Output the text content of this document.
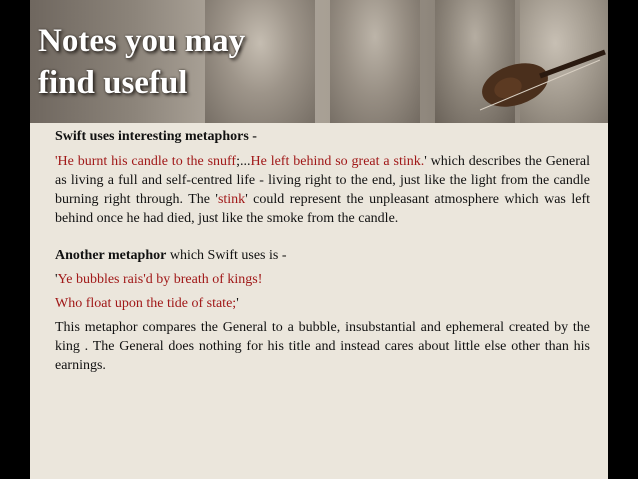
Notes you may
find useful

Swift uses interesting metaphors -

'He burnt his candle to the snuff;...He left behind so great a stink.' which describes the General as living a full and self-centred life - living right to the end, just like the light from the candle burning right through. The 'stink' could represent the unpleasant atmosphere which was left behind once he had died, just like the smoke from the candle.

Another metaphor which Swift uses is -

'Ye bubbles rais'd by breath of kings!

Who float upon the tide of state;'

This metaphor compares the General to a bubble, insubstantial and ephemeral created by the king . The General does nothing for his title and instead cares about little else other than his earnings.
